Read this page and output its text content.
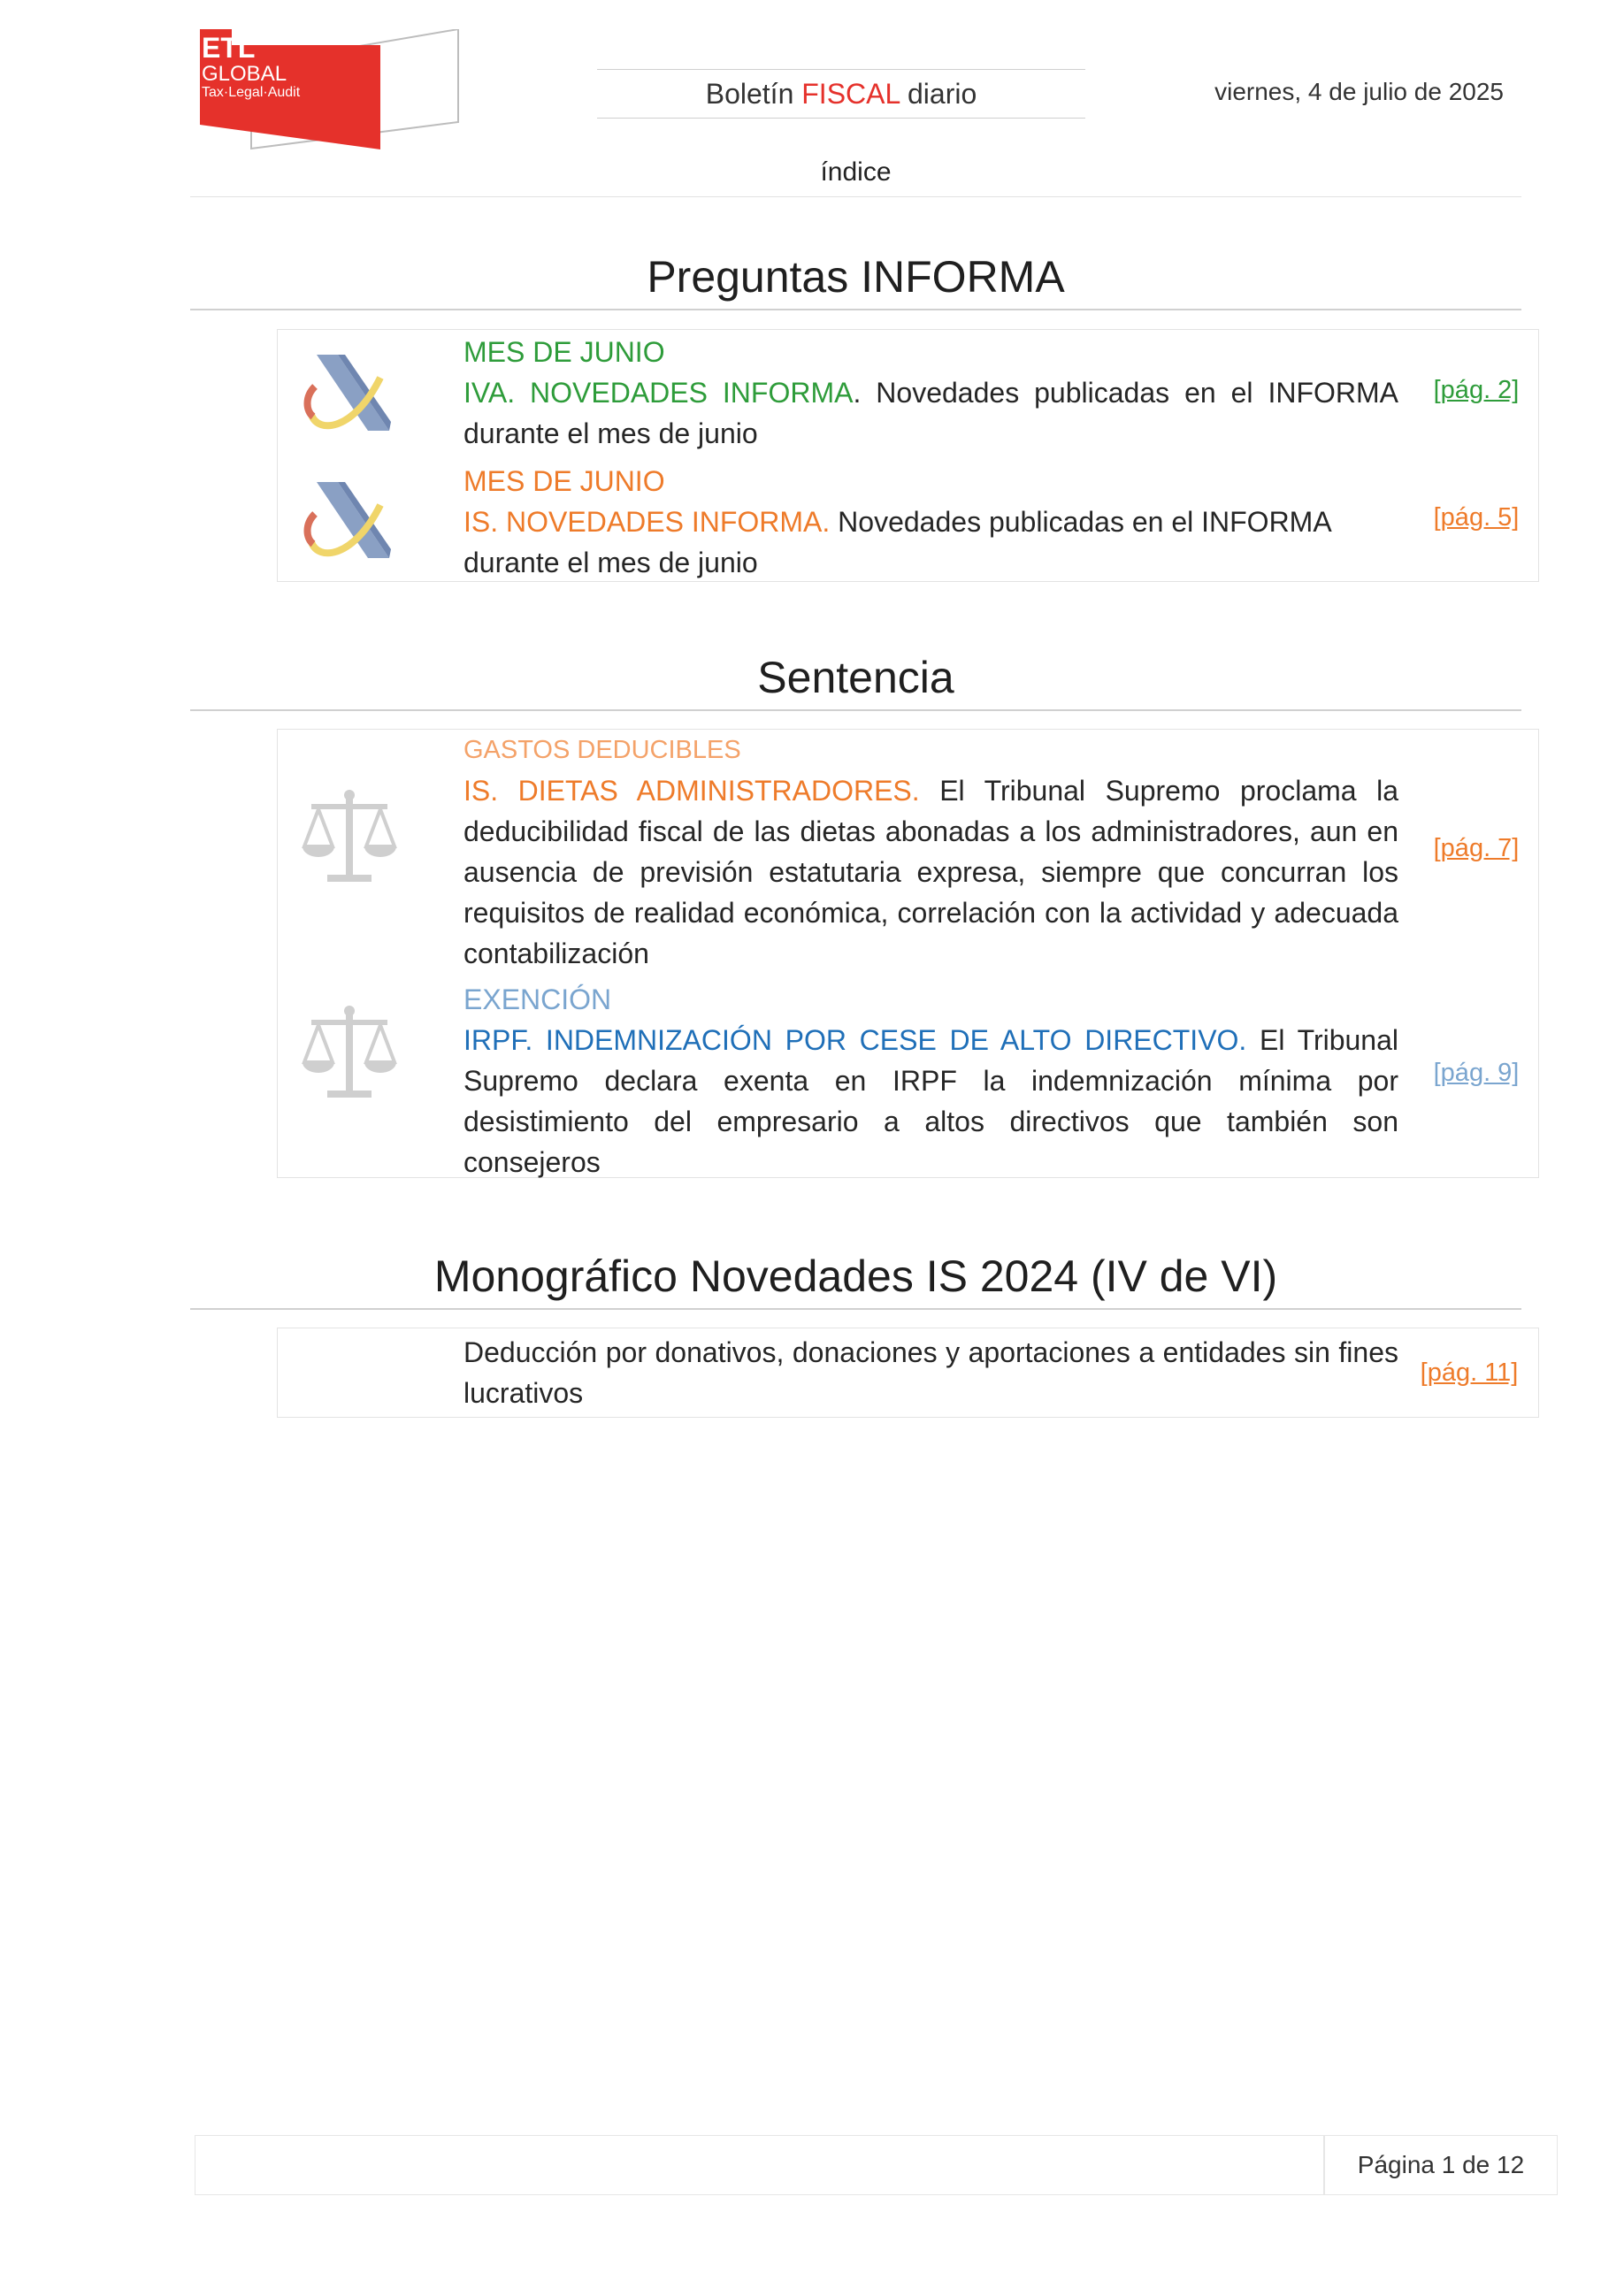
ETL
GLOBAL
Tax·Legal·Audit	Boletín FISCAL diario	viernes, 4 de julio de 2025
índice
Preguntas INFORMA
MES DE JUNIO
IVA. NOVEDADES INFORMA. Novedades publicadas en el INFORMA durante el mes de junio
[pág. 2]
MES DE JUNIO
IS. NOVEDADES INFORMA. Novedades publicadas en el INFORMA durante el mes de junio
[pág. 5]
Sentencia
GASTOS DEDUCIBLES
IS. DIETAS ADMINISTRADORES. El Tribunal Supremo proclama la deducibilidad fiscal de las dietas abonadas a los administradores, aun en ausencia de previsión estatutaria expresa, siempre que concurran los requisitos de realidad económica, correlación con la actividad y adecuada contabilización
[pág. 7]
EXENCIÓN
IRPF. INDEMNIZACIÓN POR CESE DE ALTO DIRECTIVO. El Tribunal Supremo declara exenta en IRPF la indemnización mínima por desistimiento del empresario a altos directivos que también son consejeros
[pág. 9]
Monográfico Novedades IS 2024 (IV de VI)
Deducción por donativos, donaciones y aportaciones a entidades sin fines lucrativos
[pág. 11]
Página 1 de 12
